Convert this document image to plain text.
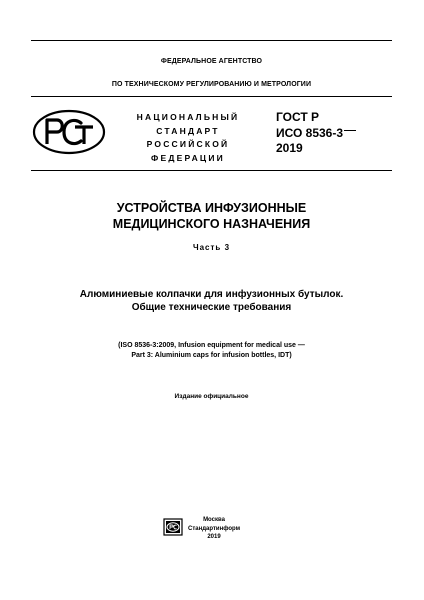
ФЕДЕРАЛЬНОЕ АГЕНТСТВО
ПО ТЕХНИЧЕСКОМУ РЕГУЛИРОВАНИЮ И МЕТРОЛОГИИ
НАЦИОНАЛЬНЫЙ
СТАНДАРТ
РОССИЙСКОЙ
ФЕДЕРАЦИИ
ГОСТ Р
ИСО 8536-3
2019
УСТРОЙСТВА ИНФУЗИОННЫЕ
МЕДИЦИНСКОГО НАЗНАЧЕНИЯ
Часть 3
Алюминиевые колпачки для инфузионных бутылок.
Общие технические требования
(ISO 8536-3:2009, Infusion equipment for medical use —
Part 3: Aluminium caps for infusion bottles, IDT)
Издание официальное
Москва
Стандартинформ
2019
